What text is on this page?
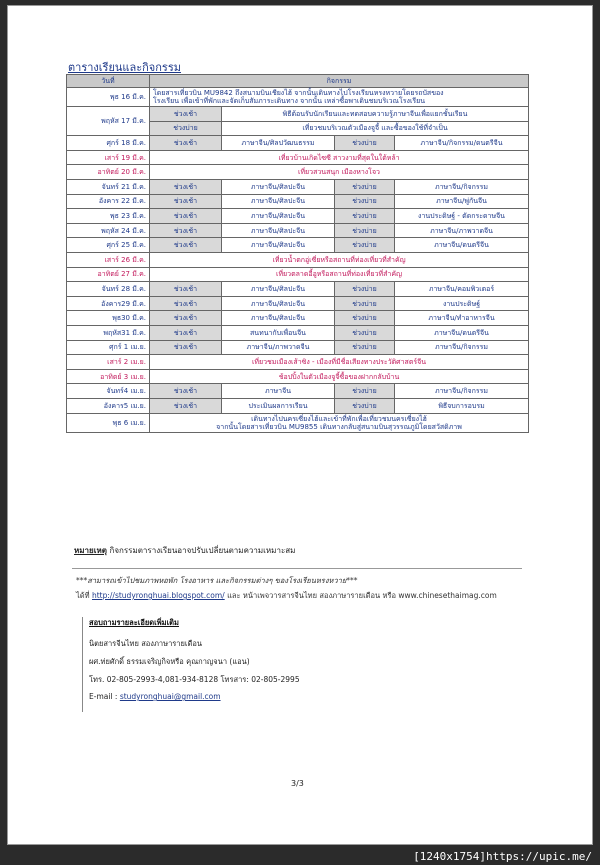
ตารางเรียนและกิจกรรม
วันที่	กิจกรรม			
พุธ 16 มี.ค.	โดยสารเที่ยวบิน MU9842 ถึงสนามบินเชียงไฮ้ จากนั้นเดินทางไปโรงเรียนหรงหวายโดยรถบัสของ
โรงเรียน เพื่อเข้าที่พักและจัดเก็บสัมภาระเดินทาง จากนั้น เหล่าซื้อพาเดินชมบริเวณโรงเรียน			

พฤหัส 17 มี.ค.	ช่วงเช้า	พิธีต้อนรับนักเรียนและทดสอบความรู้ภาษาจีนเพื่อแยกชั้นเรียน		
	ช่วงบ่าย	เที่ยวชมบริเวณตัวเมืองจูจี้ และซื้อของใช้ที่จำเป็น		
ศุกร์ 18 มี.ค.	ช่วงเช้า	ภาษาจีน/ศิลปวัฒนธรรม	ช่วงบ่าย	ภาษาจีน/กิจกรรม/ดนตรีจีน
เสาร์ 19 มี.ค.	เที่ยวบ้านเกิดไซซี สาวงามที่สุดในใต้หล้า			
อาทิตย์ 20 มี.ค.	เที่ยวสวนสนุก เมืองหางโจว			
จันทร์ 21 มี.ค.	ช่วงเช้า	ภาษาจีน/ศิลปะจีน	ช่วงบ่าย	ภาษาจีน/กิจกรรม
อังคาร 22 มี.ค.	ช่วงเช้า	ภาษาจีน/ศิลปะจีน	ช่วงบ่าย	ภาษาจีน/พู่กันจีน
พุธ 23 มี.ค.	ช่วงเช้า	ภาษาจีน/ศิลปะจีน	ช่วงบ่าย	งานประดิษฐ์ - ตัดกระดาษจีน
พฤหัส 24 มี.ค.	ช่วงเช้า	ภาษาจีน/ศิลปะจีน	ช่วงบ่าย	ภาษาจีน/ภาพวาดจีน
ศุกร์ 25 มี.ค.	ช่วงเช้า	ภาษาจีน/ศิลปะจีน	ช่วงบ่าย	ภาษาจีน/ดนตรีจีน
เสาร์ 26 มี.ค.	เที่ยวน้ำตกอู่เซี่ยหรือสถานที่ท่องเที่ยวที่สำคัญ			
อาทิตย์ 27 มี.ค.	เที่ยวตลาดอี้อูหรือสถานที่ท่องเที่ยวที่สำคัญ			
จันทร์ 28 มี.ค.	ช่วงเช้า	ภาษาจีน/ศิลปะจีน	ช่วงบ่าย	ภาษาจีน/คอมพิวเตอร์
อังคาร29 มี.ค.	ช่วงเช้า	ภาษาจีน/ศิลปะจีน	ช่วงบ่าย	งานประดิษฐ์
พุธ30 มี.ค.	ช่วงเช้า	ภาษาจีน/ศิลปะจีน	ช่วงบ่าย	ภาษาจีน/ทำอาหารจีน
พฤหัส31 มี.ค.	ช่วงเช้า	สนทนากับเพื่อนจีน	ช่วงบ่าย	ภาษาจีน/ดนตรีจีน
ศุกร์ 1 เม.ย.	ช่วงเช้า	ภาษาจีน/ภาพวาดจีน	ช่วงบ่าย	ภาษาจีน/กิจกรรม
เสาร์ 2 เม.ย.	เที่ยวชมเมืองเส้าซิง - เมืองที่มีชื่อเสียงทางประวัติศาสตร์จีน			
อาทิตย์ 3 เม.ย.	ช้อปปิ้งในตัวเมืองจูจี้ซื้อของฝากกลับบ้าน			
จันทร์4 เม.ย.	ช่วงเช้า	ภาษาจีน	ช่วงบ่าย	ภาษาจีน/กิจกรรม
อังคาร5 เม.ย.	ช่วงเช้า	ประเมินผลการเรียน	ช่วงบ่าย	พิธีจบการอบรม
พุธ 6 เม.ย.	เดินทางไปนครเซี่ยงไฮ้และเข้าที่พักเพื่อเที่ยวชมนครเซี่ยงไฮ้
จากนั้นโดยสารเที่ยวบิน MU9855 เดินทางกลับสู่สนามบินสุวรรณภูมิโดยสวัสดิภาพ			
หมายเหตุ กิจกรรมตารางเรียนอาจปรับเปลี่ยนตามความเหมาะสม
***สามารถเข้าไปชมภาพหอพัก โรงอาหาร และกิจกรรมต่างๆ ของโรงเรียนหรงหวาย***
ได้ที่ http://studyronghuai.blogspot.com/ และ หน้าเพจวารสารจีนไทย สองภาษารายเดือน หรือ www.chinesethaimag.com
สอบถามรายละเอียดเพิ่มเติม
นิตยสารจีนไทย สองภาษารายเดือน
ผศ.ท่ยศักดิ์ ธรรมเจริญกิจหรือ คุณกาญจนา (แอน)
โทร. 02-805-2993-4,081-934-8128 โทรสาร: 02-805-2995
E-mail : studyronghuai@gmail.com
3/3
[1240x1754]https://upic.me/
